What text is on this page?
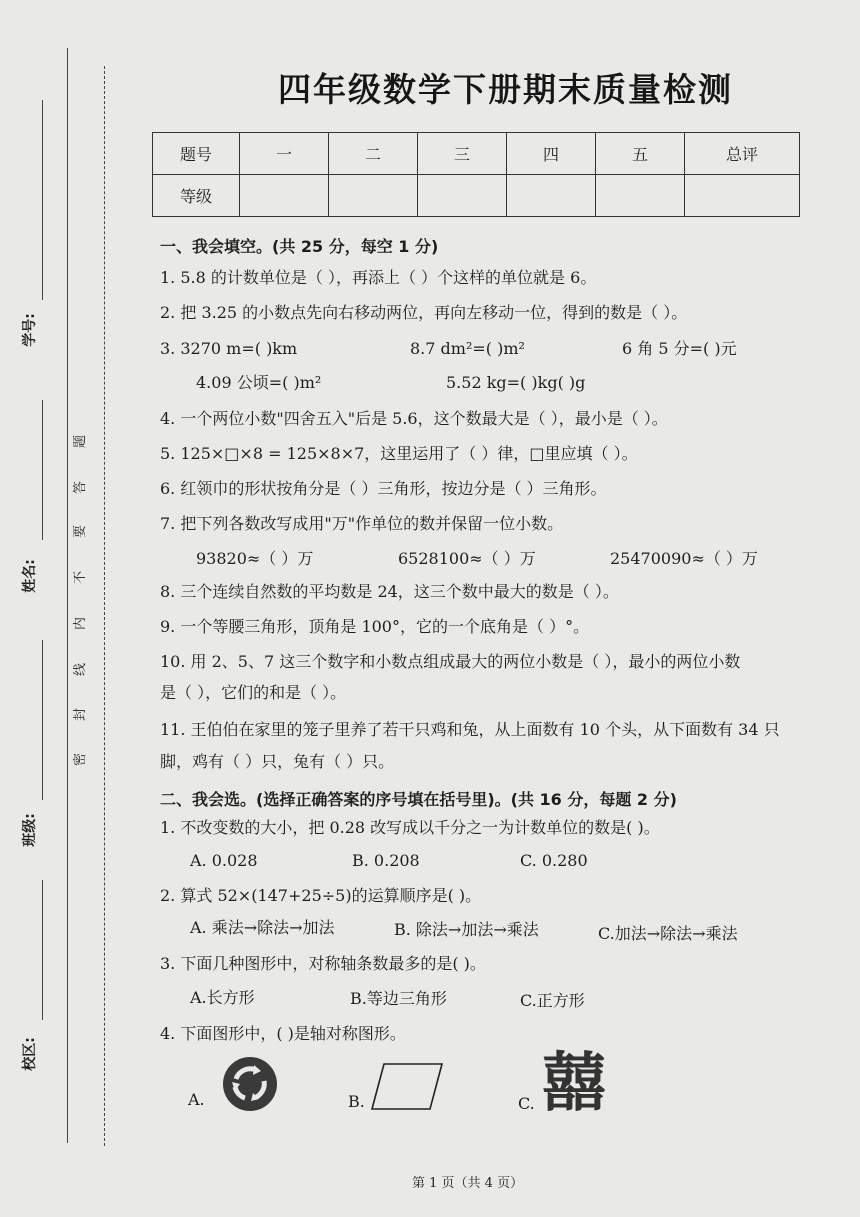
校区:
班级:
姓名:
学号:
密
封
线
内
不
要
答
题
四年级数学下册期末质量检测
题号	一	二	三	四	五	总评
等级						
一、我会填空。(共 25 分，每空 1 分)
1. 5.8 的计数单位是（ ），再添上（ ）个这样的单位就是 6。
2. 把 3.25 的小数点先向右移动两位，再向左移动一位，得到的数是（ ）。
3. 3270 m=( )km	8.7 dm²=( )m²	6 角 5 分=( )元
4.09 公顷=( )m²	5.52 kg=( )kg( )g
4. 一个两位小数"四舍五入"后是 5.6，这个数最大是（ ），最小是（ ）。
5. 125×□×8 = 125×8×7，这里运用了（ ）律，□里应填（ ）。
6. 红领巾的形状按角分是（ ）三角形，按边分是（ ）三角形。
7. 把下列各数改写成用"万"作单位的数并保留一位小数。
93820≈（ ）万	6528100≈（ ）万	25470090≈（ ）万
8. 三个连续自然数的平均数是 24，这三个数中最大的数是（ ）。
9. 一个等腰三角形，顶角是 100°，它的一个底角是（ ）°。
10. 用 2、5、7 这三个数字和小数点组成最大的两位小数是（ ），最小的两位小数
是（ ），它们的和是（ ）。
11. 王伯伯在家里的笼子里养了若干只鸡和兔，从上面数有 10 个头，从下面数有 34 只
脚，鸡有（ ）只，兔有（ ）只。
二、我会选。(选择正确答案的序号填在括号里)。(共 16 分，每题 2 分)
1. 不改变数的大小，把 0.28 改写成以千分之一为计数单位的数是( )。
A. 0.028	B. 0.208	C. 0.280
2. 算式 52×(147+25÷5)的运算顺序是( )。
A. 乘法→除法→加法	B. 除法→加法→乘法	C.加法→除法→乘法
3. 下面几种图形中，对称轴条数最多的是( )。
A.长方形	B.等边三角形	C.正方形
4. 下面图形中，( )是轴对称图形。
A.	B.	C. 囍
第 1 页（共 4 页）
